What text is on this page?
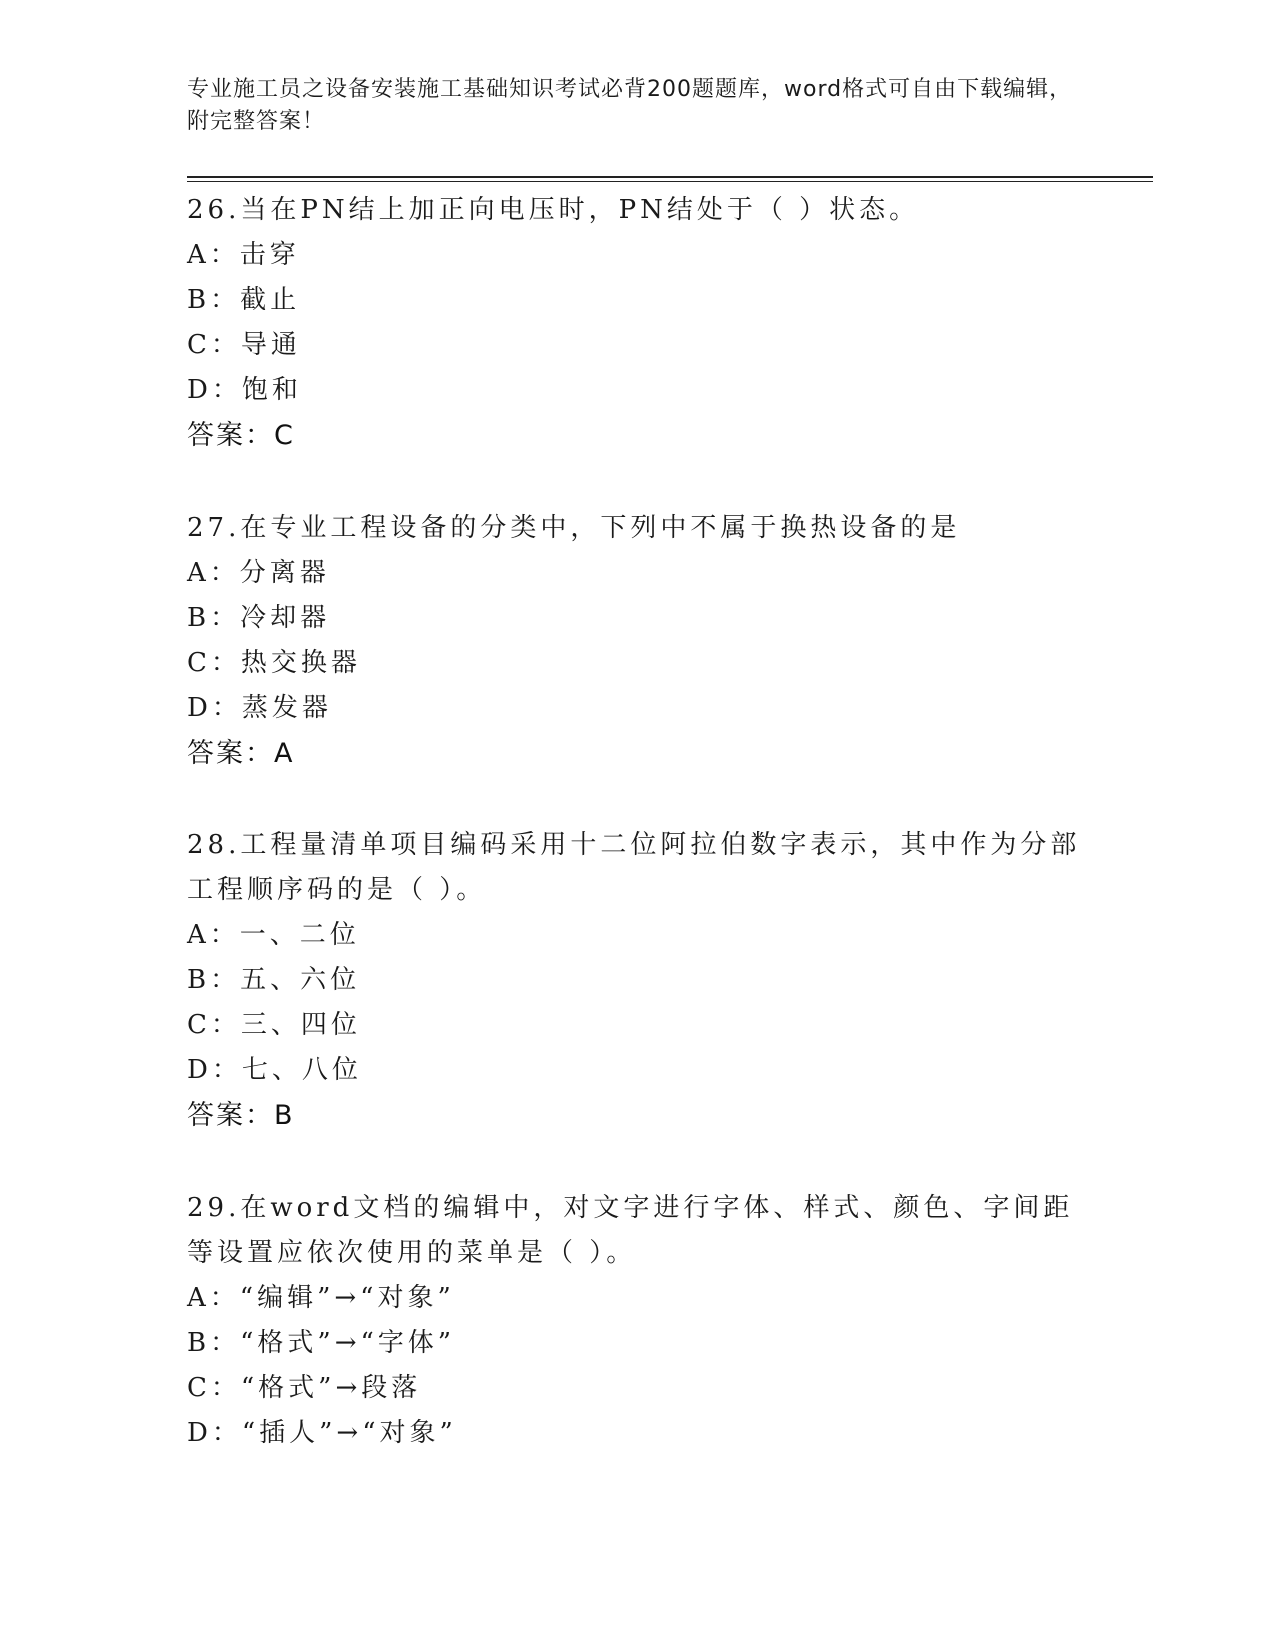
专业施工员之设备安装施工基础知识考试必背200题题库，word格式可自由下载编辑，附完整答案！

26.当在PN结上加正向电压时，PN结处于（ ）状态。

A：击穿

B：截止

C：导通

D：饱和

答案：C

27.在专业工程设备的分类中，下列中不属于换热设备的是

A：分离器

B：冷却器

C：热交换器

D：蒸发器

答案：A

28.工程量清单项目编码采用十二位阿拉伯数字表示，其中作为分部工程顺序码的是（ ）。

A：一、二位

B：五、六位

C：三、四位

D：七、八位

答案：B

29.在word文档的编辑中，对文字进行字体、样式、颜色、字间距等设置应依次使用的菜单是（ ）。

A：“编辑”→“对象”

B：“格式”→“字体”

C：“格式”→段落

D：“插人”→“对象”
